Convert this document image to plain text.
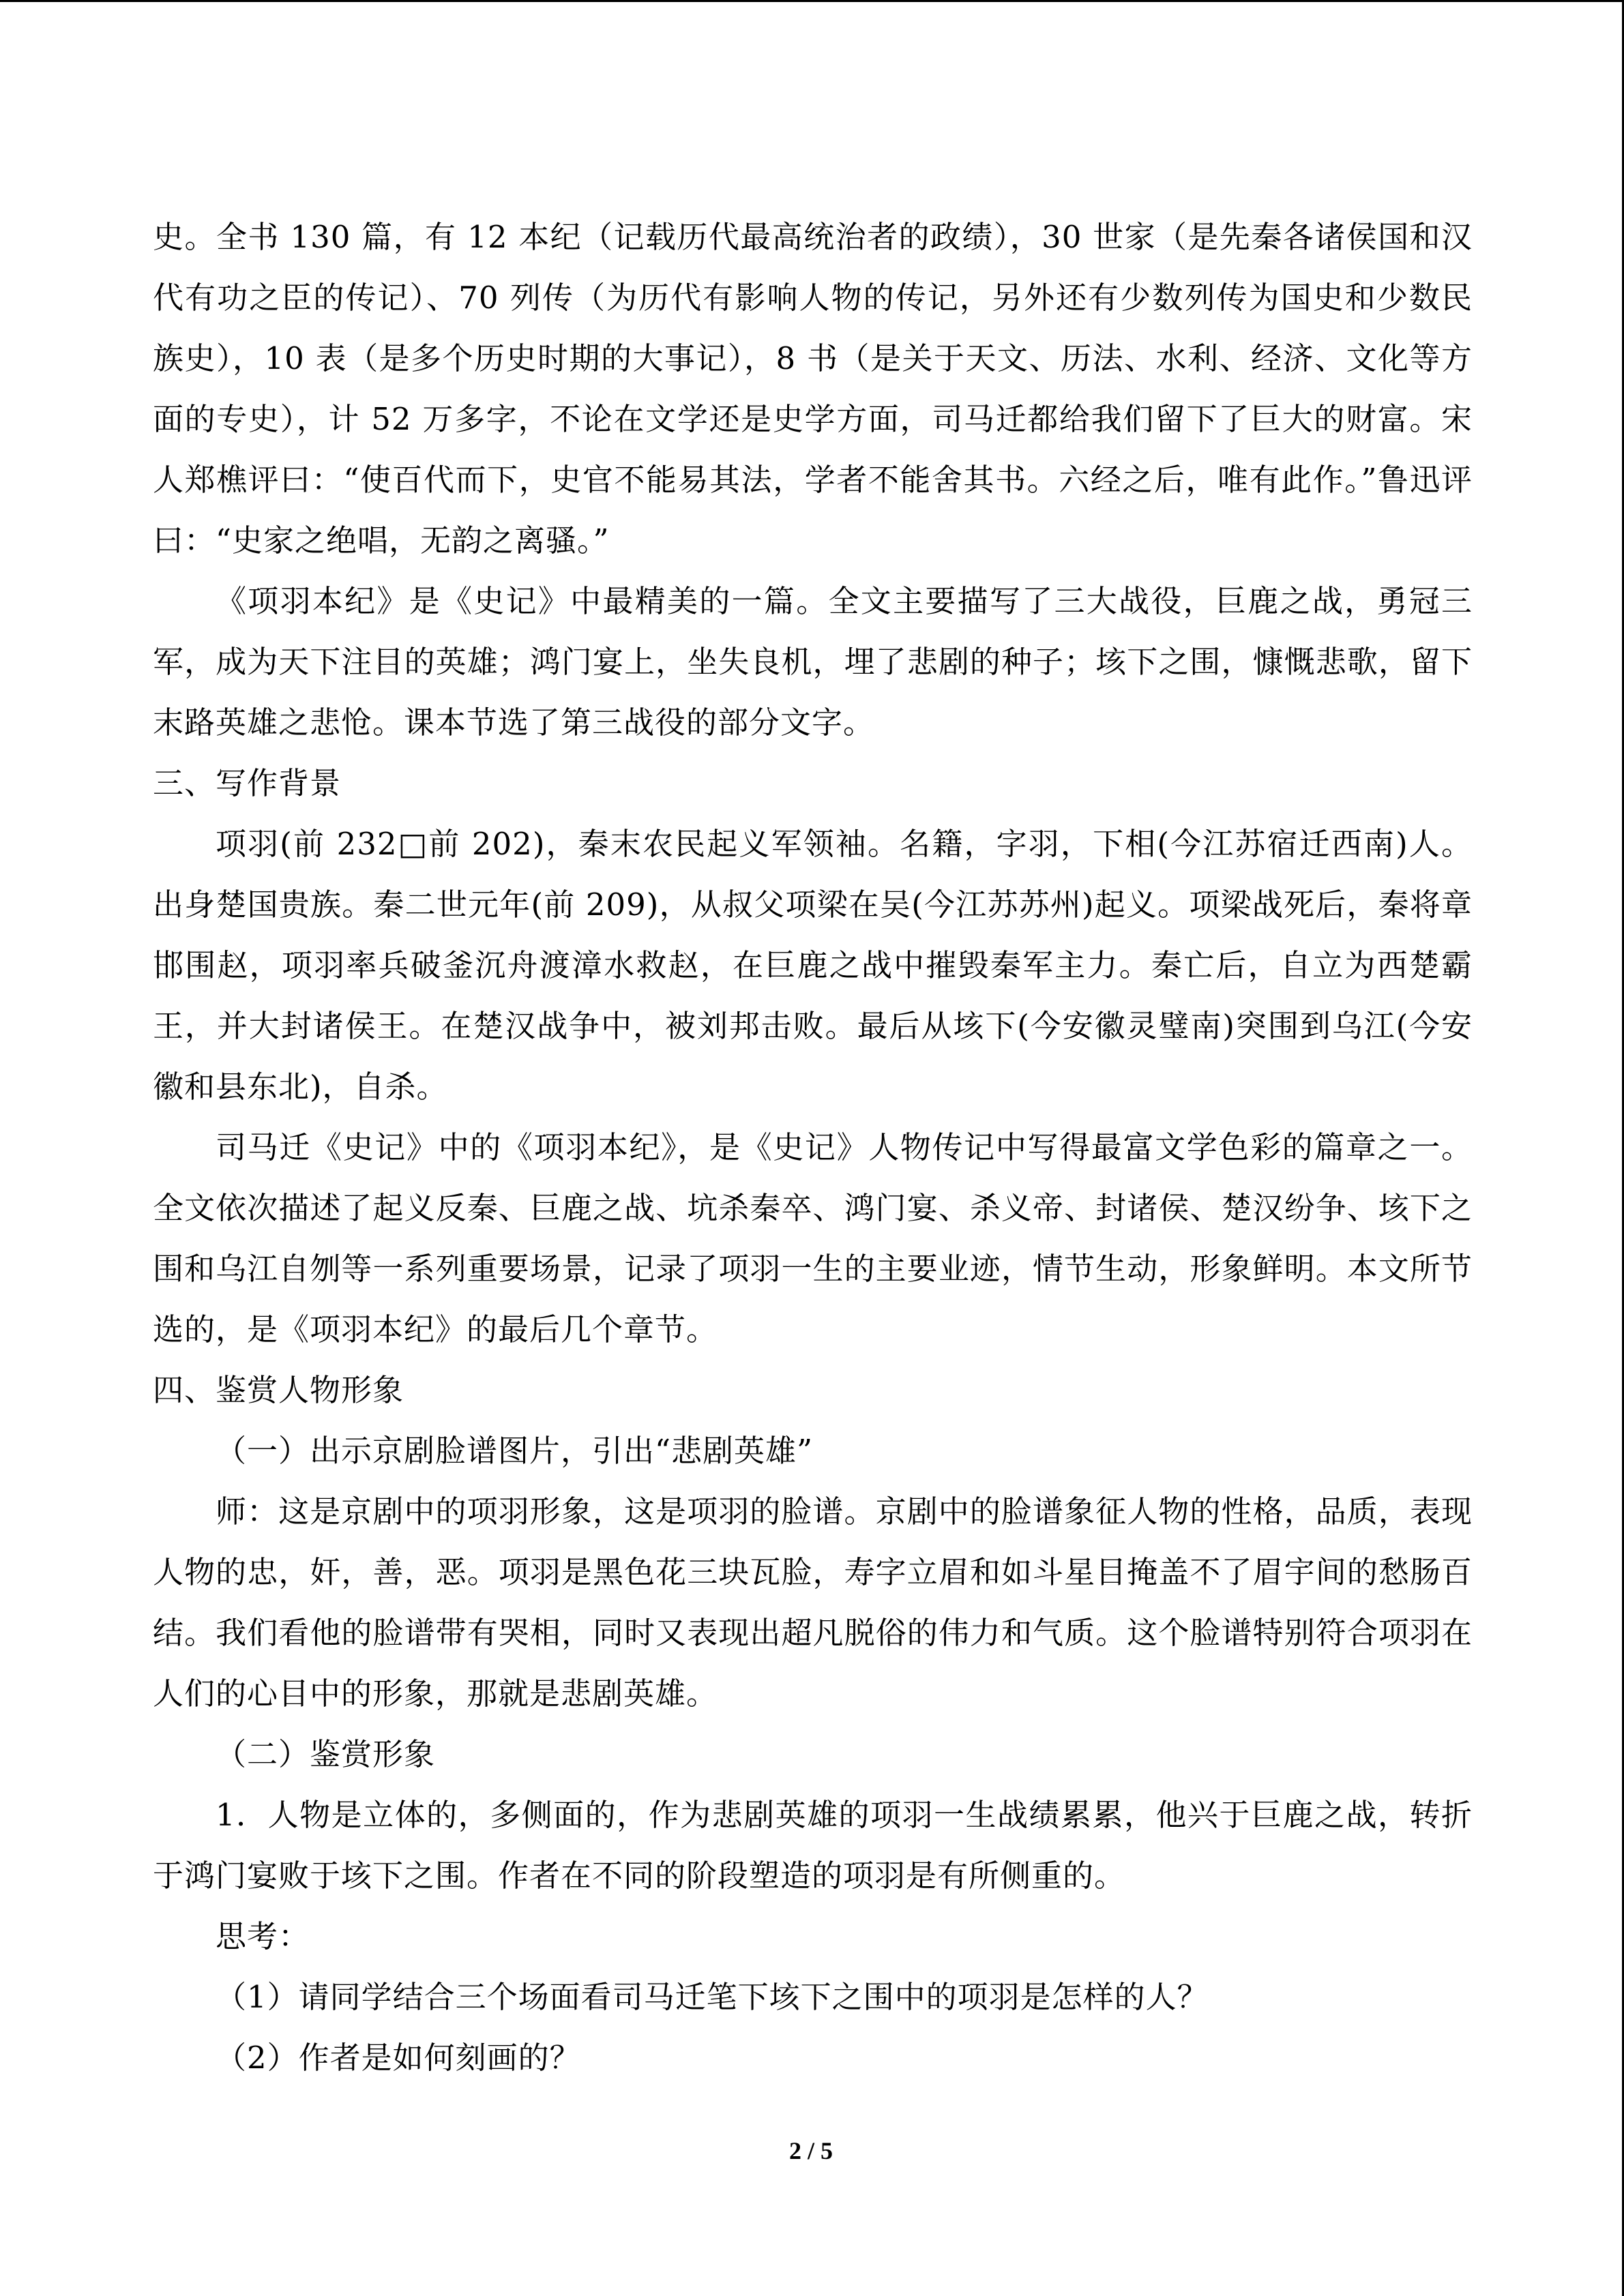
史。全书 130 篇，有 12 本纪（记载历代最高统治者的政绩），30 世家（是先秦各诸侯国和汉代有功之臣的传记）、70 列传（为历代有影响人物的传记，另外还有少数列传为国史和少数民族史），10 表（是多个历史时期的大事记），8 书（是关于天文、历法、水利、经济、文化等方面的专史），计 52 万多字，不论在文学还是史学方面，司马迁都给我们留下了巨大的财富。宋人郑樵评曰：“使百代而下，史官不能易其法，学者不能舍其书。六经之后，唯有此作。”鲁迅评曰：“史家之绝唱，无韵之离骚。”

《项羽本纪》是《史记》中最精美的一篇。全文主要描写了三大战役，巨鹿之战，勇冠三军，成为天下注目的英雄；鸿门宴上，坐失良机，埋了悲剧的种子；垓下之围，慷慨悲歌，留下末路英雄之悲怆。课本节选了第三战役的部分文字。

三、写作背景

项羽(前 232□前 202)，秦末农民起义军领袖。名籍，字羽，下相(今江苏宿迁西南)人。出身楚国贵族。秦二世元年(前 209)，从叔父项梁在吴(今江苏苏州)起义。项梁战死后，秦将章邯围赵，项羽率兵破釜沉舟渡漳水救赵，在巨鹿之战中摧毁秦军主力。秦亡后，自立为西楚霸王，并大封诸侯王。在楚汉战争中，被刘邦击败。最后从垓下(今安徽灵璧南)突围到乌江(今安徽和县东北)，自杀。

司马迁《史记》中的《项羽本纪》，是《史记》人物传记中写得最富文学色彩的篇章之一。全文依次描述了起义反秦、巨鹿之战、坑杀秦卒、鸿门宴、杀义帝、封诸侯、楚汉纷争、垓下之围和乌江自刎等一系列重要场景，记录了项羽一生的主要业迹，情节生动，形象鲜明。本文所节选的，是《项羽本纪》的最后几个章节。

四、鉴赏人物形象

（一）出示京剧脸谱图片，引出“悲剧英雄”

师：这是京剧中的项羽形象，这是项羽的脸谱。京剧中的脸谱象征人物的性格，品质，表现人物的忠，奸，善，恶。项羽是黑色花三块瓦脸，寿字立眉和如斗星目掩盖不了眉宇间的愁肠百结。我们看他的脸谱带有哭相，同时又表现出超凡脱俗的伟力和气质。这个脸谱特别符合项羽在人们的心目中的形象，那就是悲剧英雄。

（二）鉴赏形象

1．人物是立体的，多侧面的，作为悲剧英雄的项羽一生战绩累累，他兴于巨鹿之战，转折于鸿门宴败于垓下之围。作者在不同的阶段塑造的项羽是有所侧重的。

思考：

（1）请同学结合三个场面看司马迁笔下垓下之围中的项羽是怎样的人？

（2）作者是如何刻画的？

2 / 5
